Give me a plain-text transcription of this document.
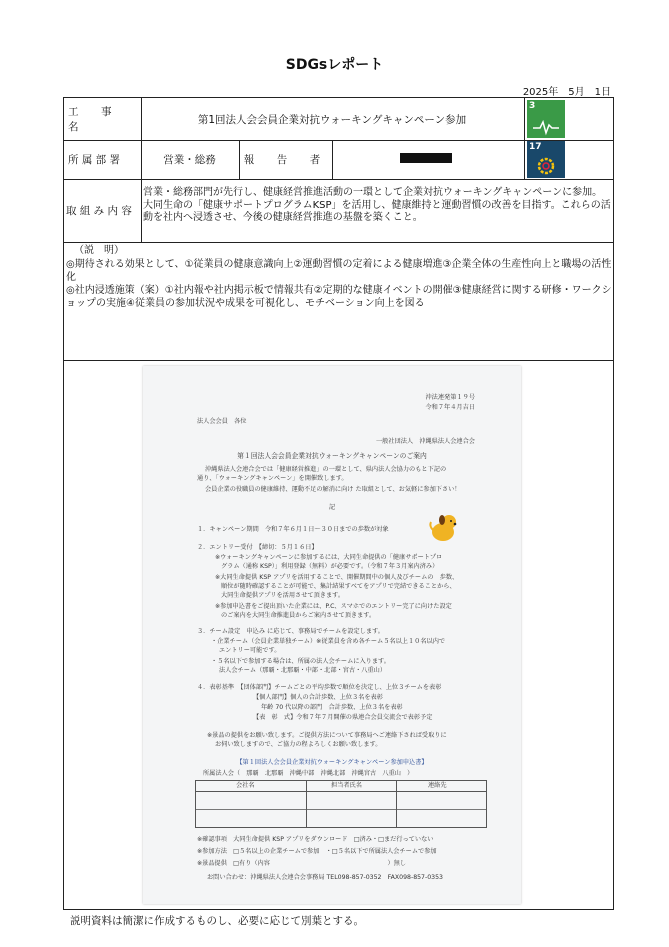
SDGsレポート
2025年　5月　1日
工　事　名
第1回法人会会員企業対抗ウォーキングキャンペーン参加
所 属 部 署	営業・総務	報　告　者
3
17
取 組 み 内 容
営業・総務部門が先行し、健康経営推進活動の一環として企業対抗ウォーキングキャンペーンに参加。大同生命の「健康サポートプログラムKSP」を活用し、健康維持と運動習慣の改善を目指す。これらの活動を社内へ浸透させ、今後の健康経営推進の基盤を築くこと。
（説　明）
◎期待される効果として、①従業員の健康意識向上②運動習慣の定着による健康増進③企業全体の生産性向上と職場の活性化
◎社内浸透施策（案）①社内報や社内掲示板で情報共有②定期的な健康イベントの開催③健康経営に関する研修・ワークショップの実施④従業員の参加状況や成果を可視化し、モチベーション向上を図る
沖法連発第１９号
令和７年４月吉日
法人会会員　各位
一般社団法人　沖縄県法人会連合会
第１回法人会会員企業対抗ウォーキングキャンペーンのご案内
沖縄県法人会連合会では「健康経営推進」の一環として、県内法人会協力のもと下記の
通り、「ウォーキングキャンペーン」を開催致します。
会員企業の役職員の健康維持、運動不足の解消に向け た取組として、お気軽に参加下さい！
記
１．キャンペーン期間　令和７年６月１日～３０日までの歩数が対象
２．エントリー受付　【締切：５月１６日】
※ウォーキングキャンペーンに参加するには、大同生命提供の「健康サポートプロ
グラム（通称 KSP）」利用登録（無料）が必要です。（令和７年３月案内済み）
※大同生命提供 KSP アプリを活用することで、開催期間中の個人及びチームの　歩数、
順位が随時確認することが可能で、集計結果すべてをアプリで完結できることから、
大同生命提供アプリを活用させて頂きます。
※参加申込書をご提出頂いた企業には、P.C、スマホでのエントリー完了に向けた設定
のご案内を大同生命推進員からご案内させて頂きます。
３．チーム設定　申込み に応じて、事務局でチームを設定します。
・企業チーム（会員企業単独チーム）※従業員を含め各チーム５名以上１０名以内で
エントリー可能です。
・５名以下で参加する場合は、所属の法人会チームに入ります。
法人会チーム（那覇・北那覇・中部・北部・宮古・八重山）
４．表彰基準　【団体部門】チームごとの平均歩数で順位を決定し、上位３チームを表彰
【個人部門】個人の合計歩数、上位３名を表彰
年齢 70 代以降の部門　合計歩数、上位３名を表彰
【表　彰　式】令和７年７月開催の県連合会員交流会で表彰予定
※景品の提供をお願い致します。ご提供方法について事務局へご連絡下されば受取りに
お伺い致しますので、ご協力の程よろしくお願い致します。
【第１回法人会会員企業対抗ウォーキングキャンペーン参加申込書】
所属法人会（　那覇　北那覇　沖縄中部　沖縄北部　沖縄宮古　八重山　）
会社名	担当者氏名	連絡先
※確認事項　大同生命提供 KSP アプリをダウンロード　□済み・□まだ行っていない
※参加方法　□５名以上の企業チームで参加　・□５名以下で所属法人会チームで参加
※景品提供　□有り（内容　　　　　　　　　　　　　　　　　　　）無し
お問い合わせ：沖縄県法人会連合会事務局 TEL098-857-0352　FAX098-857-0353
説明資料は簡潔に作成するものし、必要に応じて別葉とする。
